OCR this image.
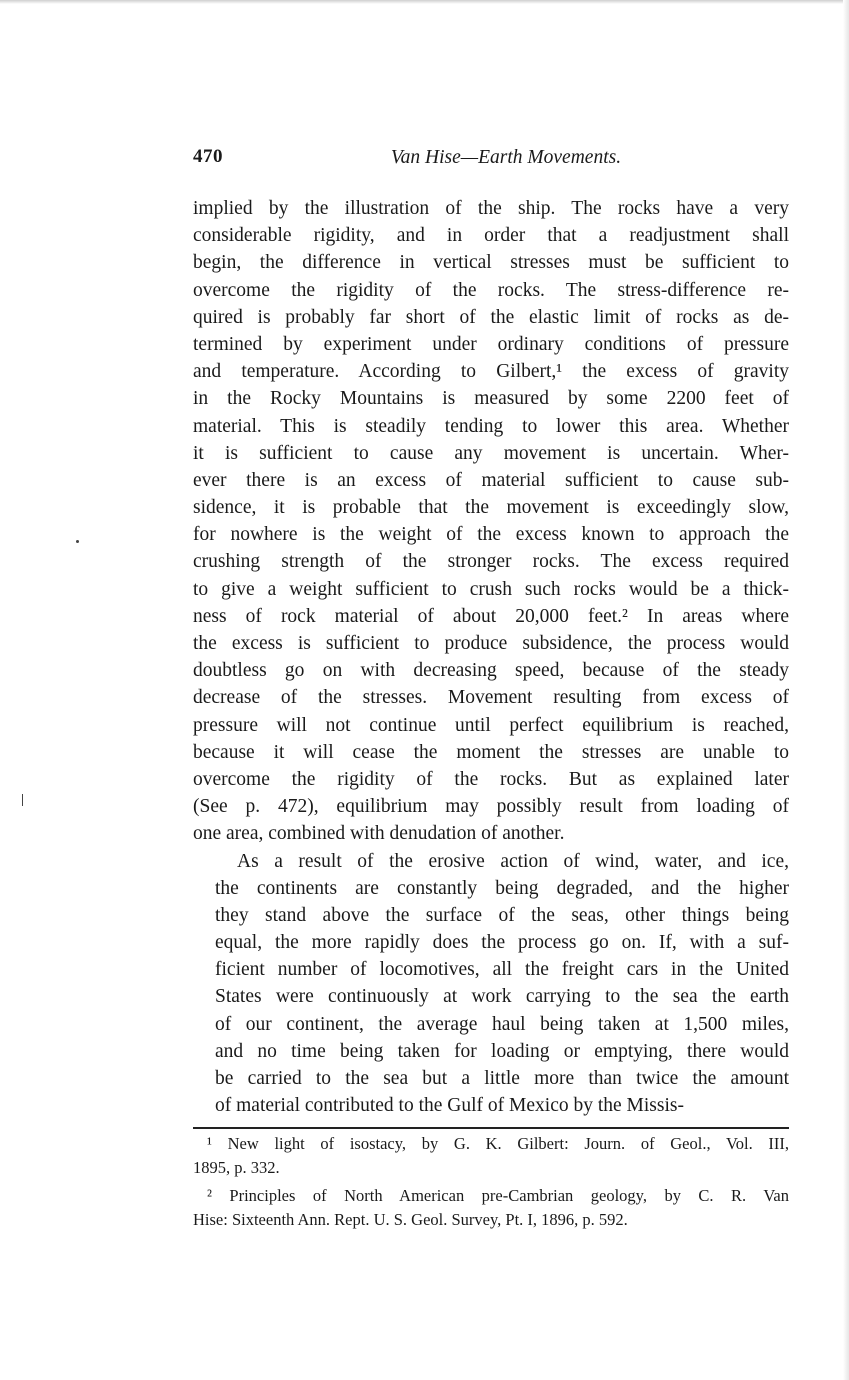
470	Van Hise—Earth Movements.
implied by the illustration of the ship. The rocks have a very
considerable rigidity, and in order that a readjustment shall
begin, the difference in vertical stresses must be sufficient to
overcome the rigidity of the rocks. The stress-difference re-
quired is probably far short of the elastic limit of rocks as de-
termined by experiment under ordinary conditions of pressure
and temperature. According to Gilbert,¹ the excess of gravity
in the Rocky Mountains is measured by some 2200 feet of
material. This is steadily tending to lower this area. Whether
it is sufficient to cause any movement is uncertain. Wher-
ever there is an excess of material sufficient to cause sub-
sidence, it is probable that the movement is exceedingly slow,
for nowhere is the weight of the excess known to approach the
crushing strength of the stronger rocks. The excess required
to give a weight sufficient to crush such rocks would be a thick-
ness of rock material of about 20,000 feet.² In areas where
the excess is sufficient to produce subsidence, the process would
doubtless go on with decreasing speed, because of the steady
decrease of the stresses. Movement resulting from excess of
pressure will not continue until perfect equilibrium is reached,
because it will cease the moment the stresses are unable to
overcome the rigidity of the rocks. But as explained later
(See p. 472), equilibrium may possibly result from loading of
one area, combined with denudation of another.
As a result of the erosive action of wind, water, and ice,
the continents are constantly being degraded, and the higher
they stand above the surface of the seas, other things being
equal, the more rapidly does the process go on. If, with a suf-
ficient number of locomotives, all the freight cars in the United
States were continuously at work carrying to the sea the earth
of our continent, the average haul being taken at 1,500 miles,
and no time being taken for loading or emptying, there would
be carried to the sea but a little more than twice the amount
of material contributed to the Gulf of Mexico by the Missis-
¹ New light of isostacy, by G. K. Gilbert: Journ. of Geol., Vol. III,
1895, p. 332.
² Principles of North American pre-Cambrian geology, by C. R. Van
Hise: Sixteenth Ann. Rept. U. S. Geol. Survey, Pt. I, 1896, p. 592.
